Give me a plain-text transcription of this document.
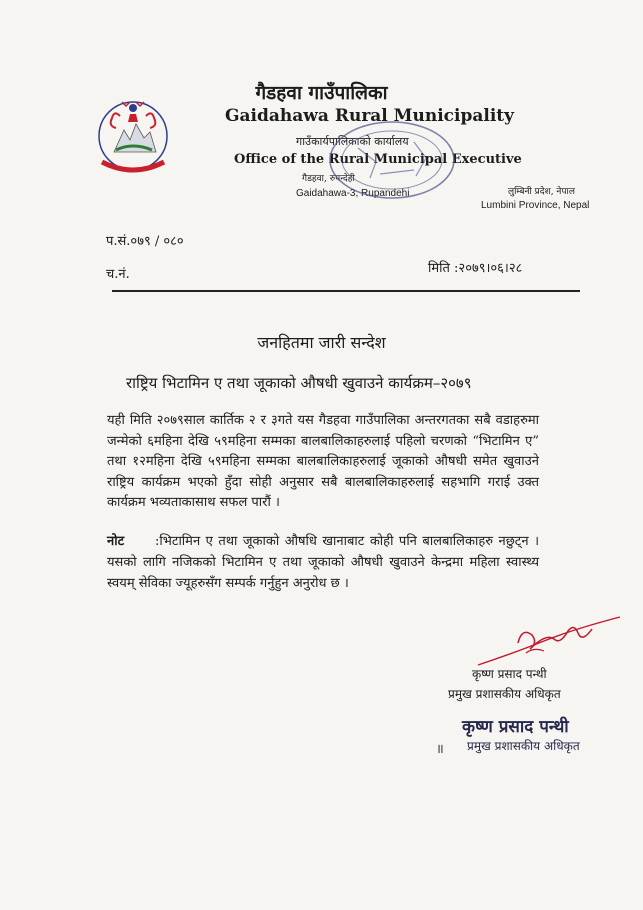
गैडहवा गाउँपालिका
Gaidahawa Rural Municipality
गाउँकार्यपालिकाको कार्यालय
Office of the Rural Municipal Executive
गैडहवा, रुपन्देही
Gaidahawa-3, Rupandehi	लुम्बिनी प्रदेश, नेपाल
Lumbini Province, Nepal
प.सं.०७९ / ०८०
मिति :२०७९।०६।२८
च.नं.
जनहितमा जारी सन्देश
राष्ट्रिय भिटामिन ए तथा जूकाको औषधी खुवाउने कार्यक्रम–२०७९
यही मिति २०७९साल कार्तिक २ र ३गते यस गैडहवा गाउँपालिका अन्तरगतका सबै वडाहरुमा जन्मेको ६महिना देखि ५९महिना सम्मका बालबालिकाहरुलाई पहिलो चरणको “भिटामिन ए” तथा १२महिना देखि ५९महिना सम्मका बालबालिकाहरुलाई जूकाको औषधी समेत खुवाउने राष्ट्रिय कार्यक्रम भएको हुँदा सोही अनुसार सबै बालबालिकाहरुलाई सहभागि गराई उक्त कार्यक्रम भव्यताकासाथ सफल पारौं ।
नोट	:भिटामिन ए तथा जूकाको औषधि खानाबाट कोही पनि बालबालिकाहरु नछुट्न ।यसको लागि नजिकको भिटामिन ए तथा जूकाको औषधी खुवाउने केन्द्रमा महिला स्वास्थ्य स्वयम् सेविका ज्यूहरुसँग सम्पर्क गर्नुहुन अनुरोध छ ।
कृष्ण प्रसाद पन्थी
प्रमुख प्रशासकीय अधिकृत
कृष्ण प्रसाद पन्थी
॥ प्रमुख प्रशासकीय अधिकृत
